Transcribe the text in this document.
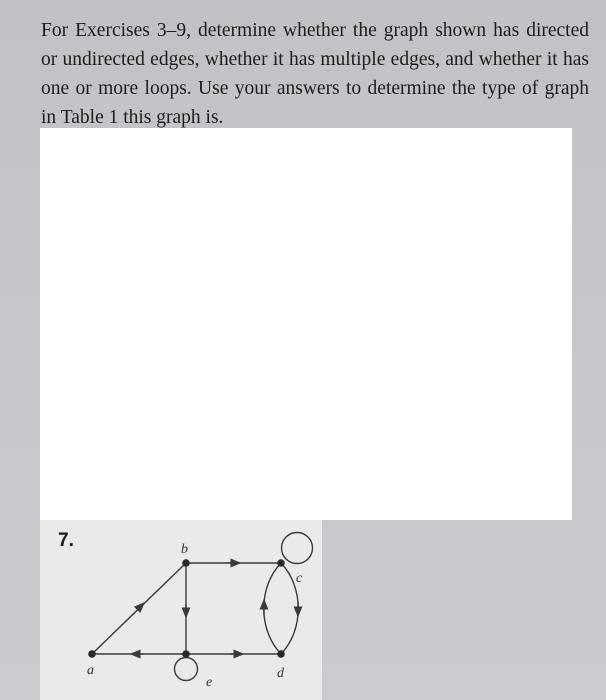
For Exercises 3–9, determine whether the graph shown has directed or undirected edges, whether it has multiple edges, and whether it has one or more loops. Use your answers to determine the type of graph in Table 1 this graph is.

7.
a
b
c
d
e
